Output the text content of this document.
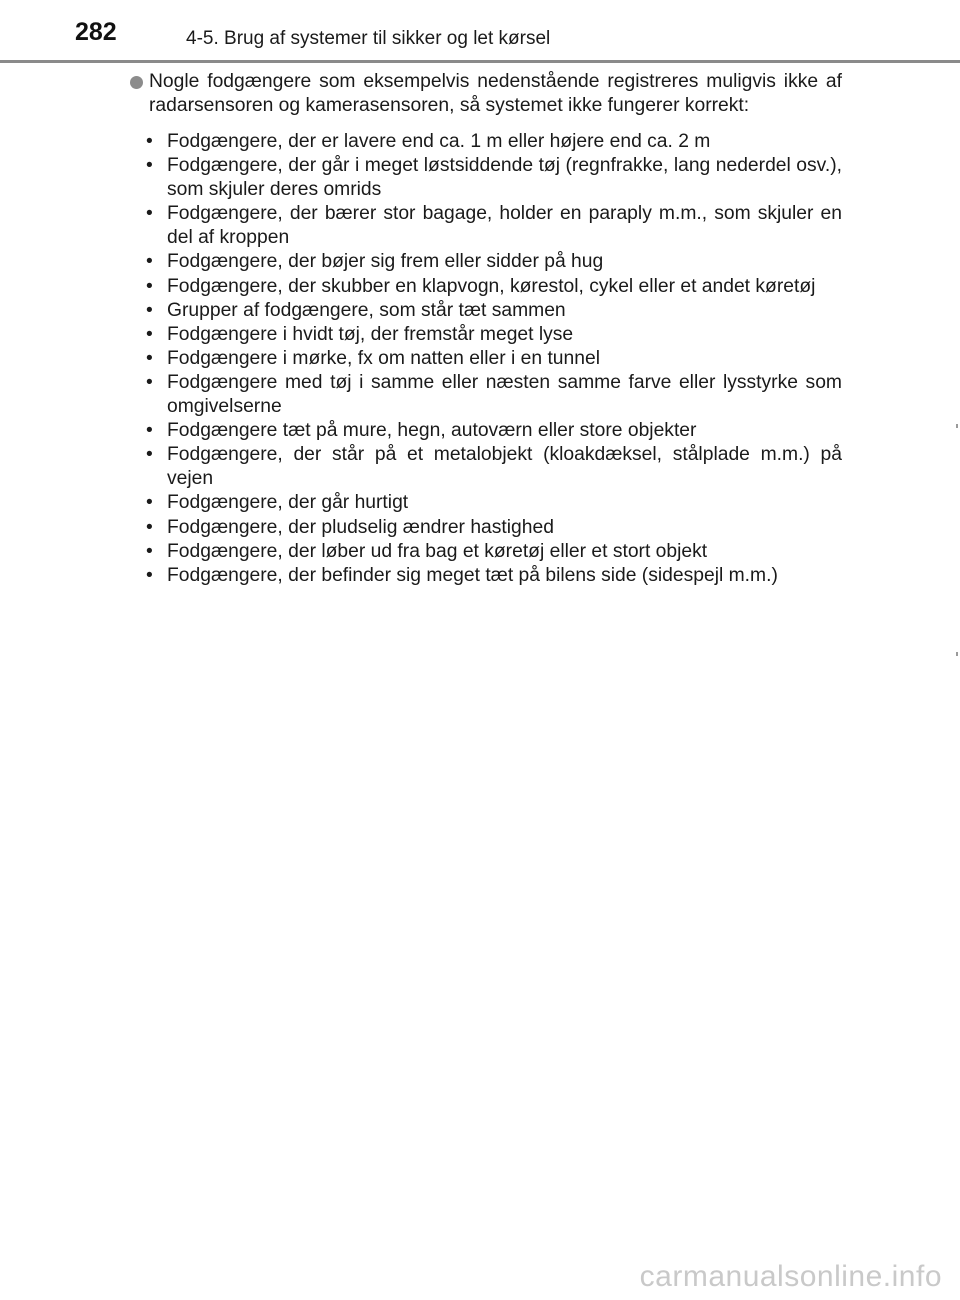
282	4-5. Brug af systemer til sikker og let kørsel
Nogle fodgængere som eksempelvis nedenstående registreres muligvis ikke af radarsensoren og kamerasensoren, så systemet ikke fungerer korrekt:
• Fodgængere, der er lavere end ca. 1 m eller højere end ca. 2 m
• Fodgængere, der går i meget løstsiddende tøj (regnfrakke, lang nederdel osv.), som skjuler deres omrids
• Fodgængere, der bærer stor bagage, holder en paraply m.m., som skjuler en del af kroppen
• Fodgængere, der bøjer sig frem eller sidder på hug
• Fodgængere, der skubber en klapvogn, kørestol, cykel eller et andet køretøj
• Grupper af fodgængere, som står tæt sammen
• Fodgængere i hvidt tøj, der fremstår meget lyse
• Fodgængere i mørke, fx om natten eller i en tunnel
• Fodgængere med tøj i samme eller næsten samme farve eller lysstyrke som omgivelserne
• Fodgængere tæt på mure, hegn, autoværn eller store objekter
• Fodgængere, der står på et metalobjekt (kloakdæksel, stålplade m.m.) på vejen
• Fodgængere, der går hurtigt
• Fodgængere, der pludselig ændrer hastighed
• Fodgængere, der løber ud fra bag et køretøj eller et stort objekt
• Fodgængere, der befinder sig meget tæt på bilens side (sidespejl m.m.)
carmanualsonline.info
